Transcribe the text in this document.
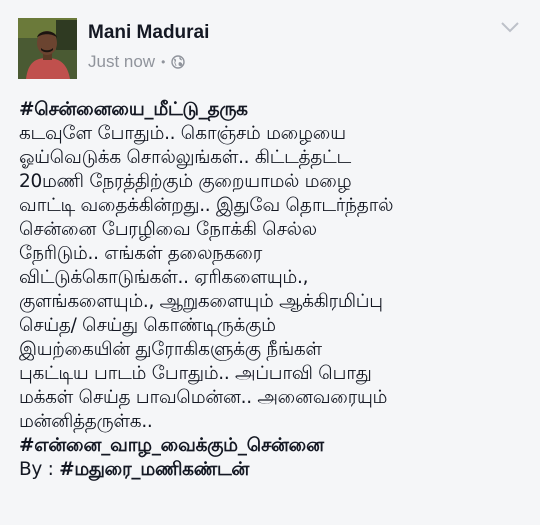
Mani Madurai
Just now •
#சென்னையை_மீட்டு_தருக
கடவுளே போதும்.. கொஞ்சம் மழையை
ஓய்வெடுக்க சொல்லுங்கள்.. கிட்டத்தட்ட
20மணி நேரத்திற்கும் குறையாமல் மழை
வாட்டி வதைக்கின்றது.. இதுவே தொடர்ந்தால்
சென்னை பேரழிவை நோக்கி செல்ல
நேரிடும்.. எங்கள் தலைநகரை
விட்டுக்கொடுங்கள்.. ஏரிகளையும்.,
குளங்களையும்., ஆறுகளையும் ஆக்கிரமிப்பு
செய்த/ செய்து கொண்டிருக்கும்
இயற்கையின் துரோகிகளுக்கு நீங்கள்
புகட்டிய பாடம் போதும்.. அப்பாவி பொது
மக்கள் செய்த பாவமென்ன.. அனைவரையும்
மன்னித்தருள்க..
#என்னை_வாழ_வைக்கும்_சென்னை
By : #மதுரை_மணிகண்டன்
